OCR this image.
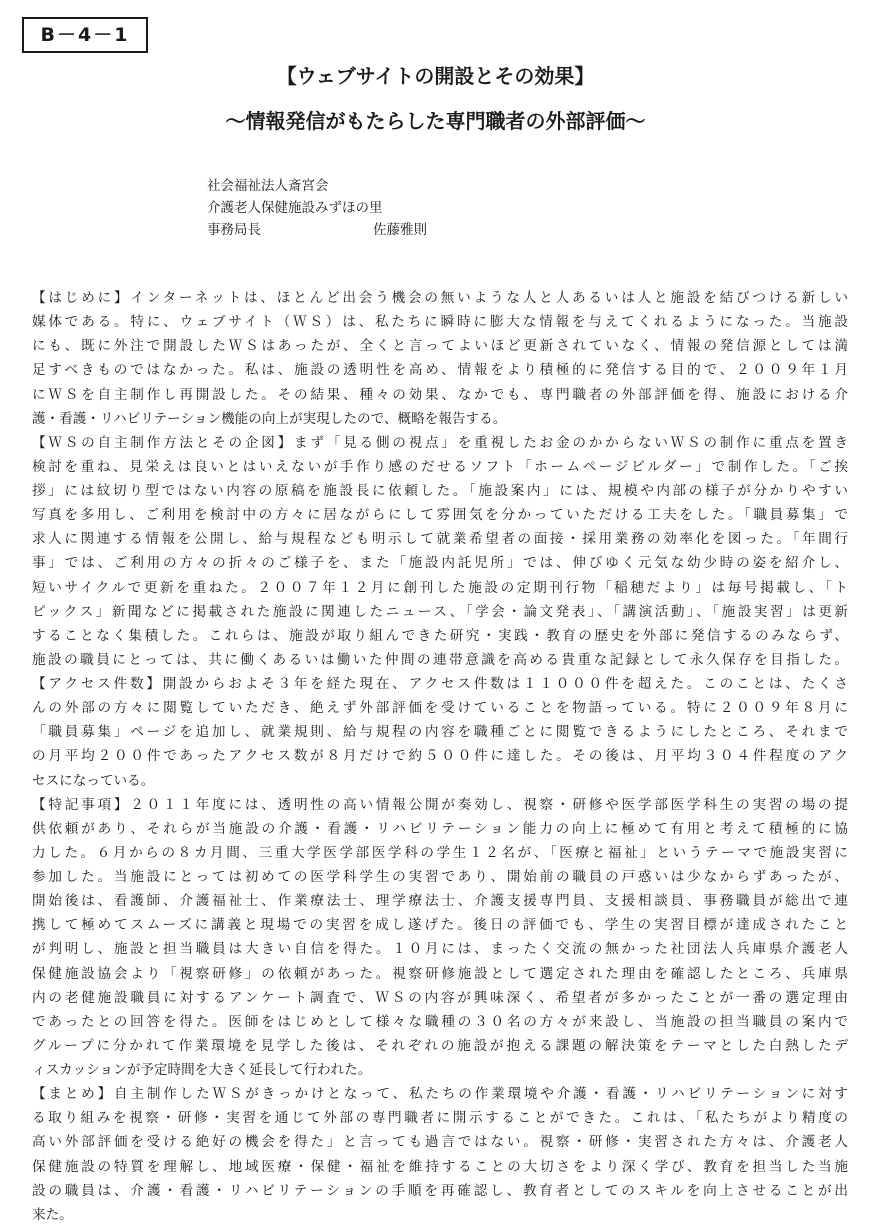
B－4－1
【ウェブサイトの開設とその効果】
～情報発信がもたらした専門職者の外部評価～
社会福祉法人斎宮会
介護老人保健施設みずほの里
事務局長	佐藤雅則
【はじめに】インターネットは、ほとんど出会う機会の無いような人と人あるいは人と施設を結びつける新しい
媒体である。特に、ウェブサイト（ＷＳ）は、私たちに瞬時に膨大な情報を与えてくれるようになった。当施設
にも、既に外注で開設したＷＳはあったが、全くと言ってよいほど更新されていなく、情報の発信源としては満
足すべきものではなかった。私は、施設の透明性を高め、情報をより積極的に発信する目的で、２００９年１月
にＷＳを自主制作し再開設した。その結果、種々の効果、なかでも、専門職者の外部評価を得、施設における介
護・看護・リハビリテーション機能の向上が実現したので、概略を報告する。
【ＷＳの自主制作方法とその企図】まず「見る側の視点」を重視したお金のかからないＷＳの制作に重点を置き
検討を重ね、見栄えは良いとはいえないが手作り感のだせるソフト「ホームページビルダー」で制作した。「ご挨
拶」には紋切り型ではない内容の原稿を施設長に依頼した。「施設案内」には、規模や内部の様子が分かりやすい
写真を多用し、ご利用を検討中の方々に居ながらにして雰囲気を分かっていただける工夫をした。「職員募集」で
求人に関連する情報を公開し、給与規程なども明示して就業希望者の面接・採用業務の効率化を図った。「年間行
事」では、ご利用の方々の折々のご様子を、また「施設内託児所」では、伸びゆく元気な幼少時の姿を紹介し、
短いサイクルで更新を重ねた。２００７年１２月に創刊した施設の定期刊行物「稲穂だより」は毎号掲載し、「ト
ピックス」新聞などに掲載された施設に関連したニュース、「学会・論文発表」、「講演活動」、「施設実習」は更新
することなく集積した。これらは、施設が取り組んできた研究・実践・教育の歴史を外部に発信するのみならず、
施設の職員にとっては、共に働くあるいは働いた仲間の連帯意識を高める貴重な記録として永久保存を目指した。
【アクセス件数】開設からおよそ３年を経た現在、アクセス件数は１１０００件を超えた。このことは、たくさ
んの外部の方々に閲覧していただき、絶えず外部評価を受けていることを物語っている。特に２００９年８月に
「職員募集」ページを追加し、就業規則、給与規程の内容を職種ごとに閲覧できるようにしたところ、それまで
の月平均２００件であったアクセス数が８月だけで約５００件に達した。その後は、月平均３０４件程度のアク
セスになっている。
【特記事項】２０１１年度には、透明性の高い情報公開が奏効し、視察・研修や医学部医学科生の実習の場の提
供依頼があり、それらが当施設の介護・看護・リハビリテーション能力の向上に極めて有用と考えて積極的に協
力した。６月からの８カ月間、三重大学医学部医学科の学生１２名が、「医療と福祉」というテーマで施設実習に
参加した。当施設にとっては初めての医学科学生の実習であり、開始前の職員の戸惑いは少なからずあったが、
開始後は、看護師、介護福祉士、作業療法士、理学療法士、介護支援専門員、支援相談員、事務職員が総出で連
携して極めてスムーズに講義と現場での実習を成し遂げた。後日の評価でも、学生の実習目標が達成されたこと
が判明し、施設と担当職員は大きい自信を得た。１０月には、まったく交流の無かった社団法人兵庫県介護老人
保健施設協会より「視察研修」の依頼があった。視察研修施設として選定された理由を確認したところ、兵庫県
内の老健施設職員に対するアンケート調査で、ＷＳの内容が興味深く、希望者が多かったことが一番の選定理由
であったとの回答を得た。医師をはじめとして様々な職種の３０名の方々が来設し、当施設の担当職員の案内で
グループに分かれて作業環境を見学した後は、それぞれの施設が抱える課題の解決策をテーマとした白熱したデ
ィスカッションが予定時間を大きく延長して行われた。
【まとめ】自主制作したＷＳがきっかけとなって、私たちの作業環境や介護・看護・リハビリテーションに対す
る取り組みを視察・研修・実習を通じて外部の専門職者に開示することができた。これは、「私たちがより精度の
高い外部評価を受ける絶好の機会を得た」と言っても過言ではない。視察・研修・実習された方々は、介護老人
保健施設の特質を理解し、地域医療・保健・福祉を維持することの大切さをより深く学び、教育を担当した当施
設の職員は、介護・看護・リハビリテーションの手順を再確認し、教育者としてのスキルを向上させることが出
来た。
